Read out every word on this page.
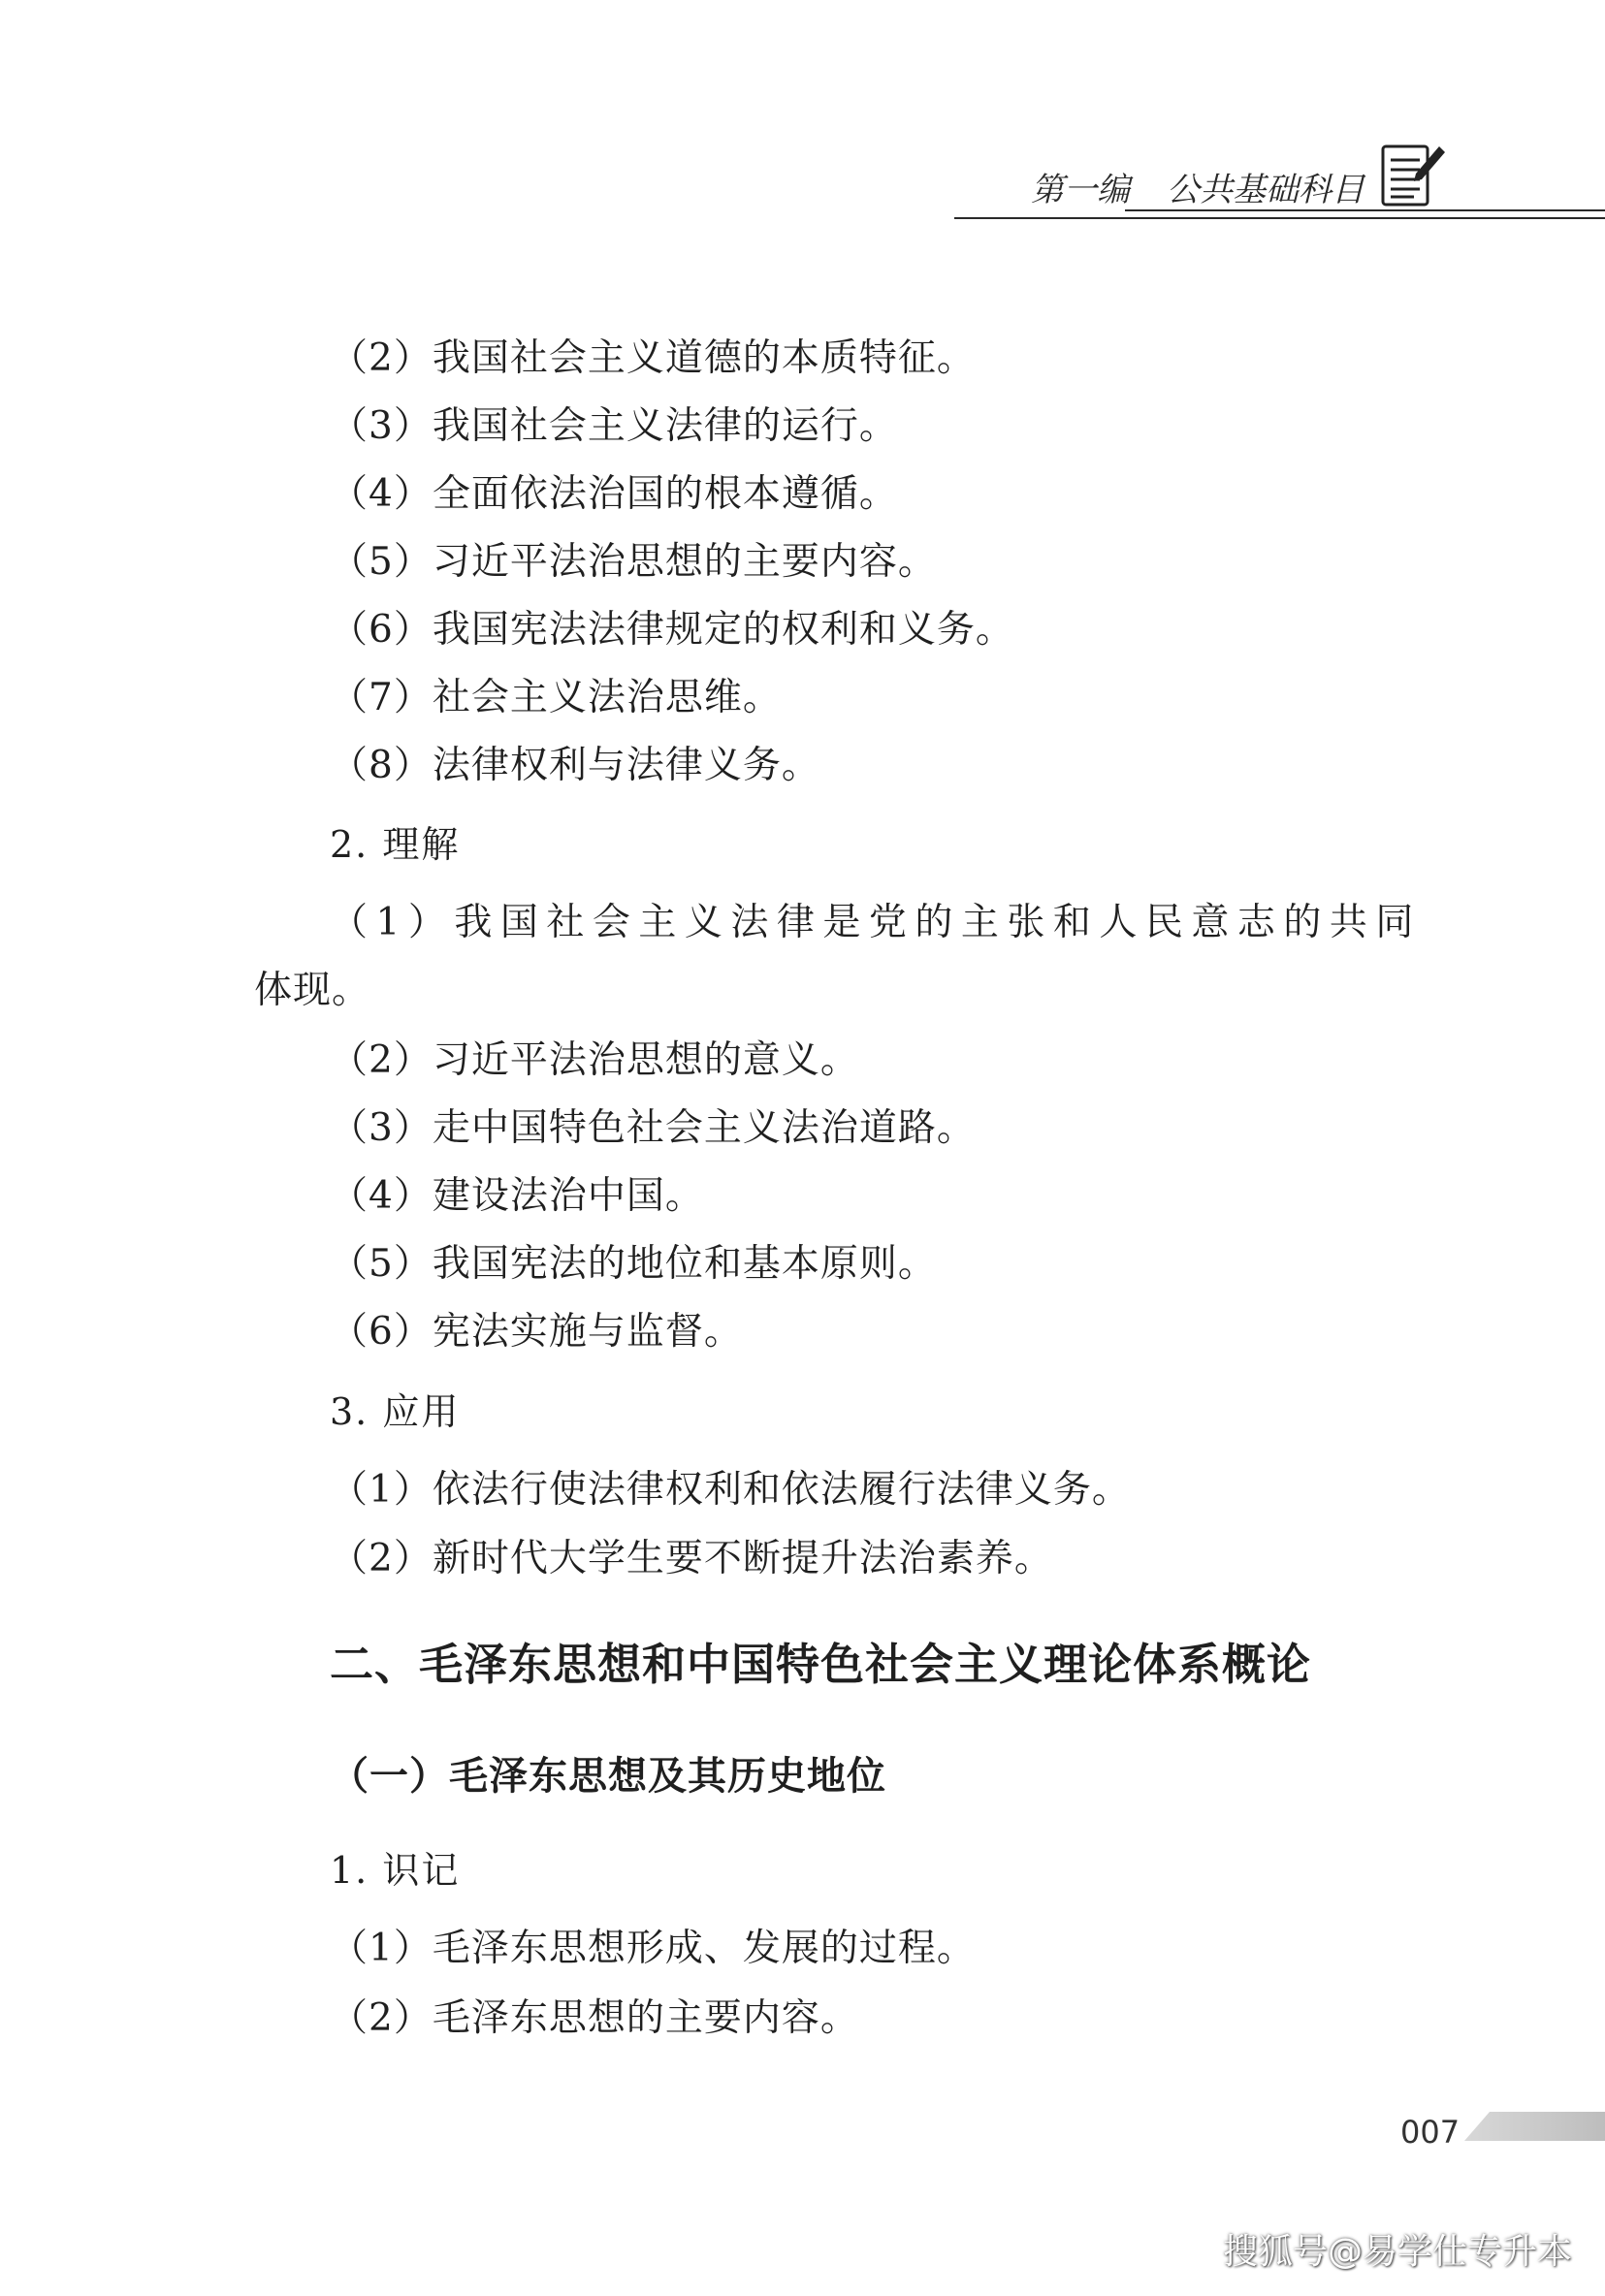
第一编 公共基础科目
（2）我国社会主义道德的本质特征。
（3）我国社会主义法律的运行。
（4）全面依法治国的根本遵循。
（5）习近平法治思想的主要内容。
（6）我国宪法法律规定的权利和义务。
（7）社会主义法治思维。
（8）法律权利与法律义务。
2. 理解
（1）我国社会主义法律是党的主张和人民意志的共同
体现。
（2）习近平法治思想的意义。
（3）走中国特色社会主义法治道路。
（4）建设法治中国。
（5）我国宪法的地位和基本原则。
（6）宪法实施与监督。
3. 应用
（1）依法行使法律权利和依法履行法律义务。
（2）新时代大学生要不断提升法治素养。
二、毛泽东思想和中国特色社会主义理论体系概论
（一）毛泽东思想及其历史地位
1. 识记
（1）毛泽东思想形成、发展的过程。
（2）毛泽东思想的主要内容。
007
搜狐号@易学仕专升本
